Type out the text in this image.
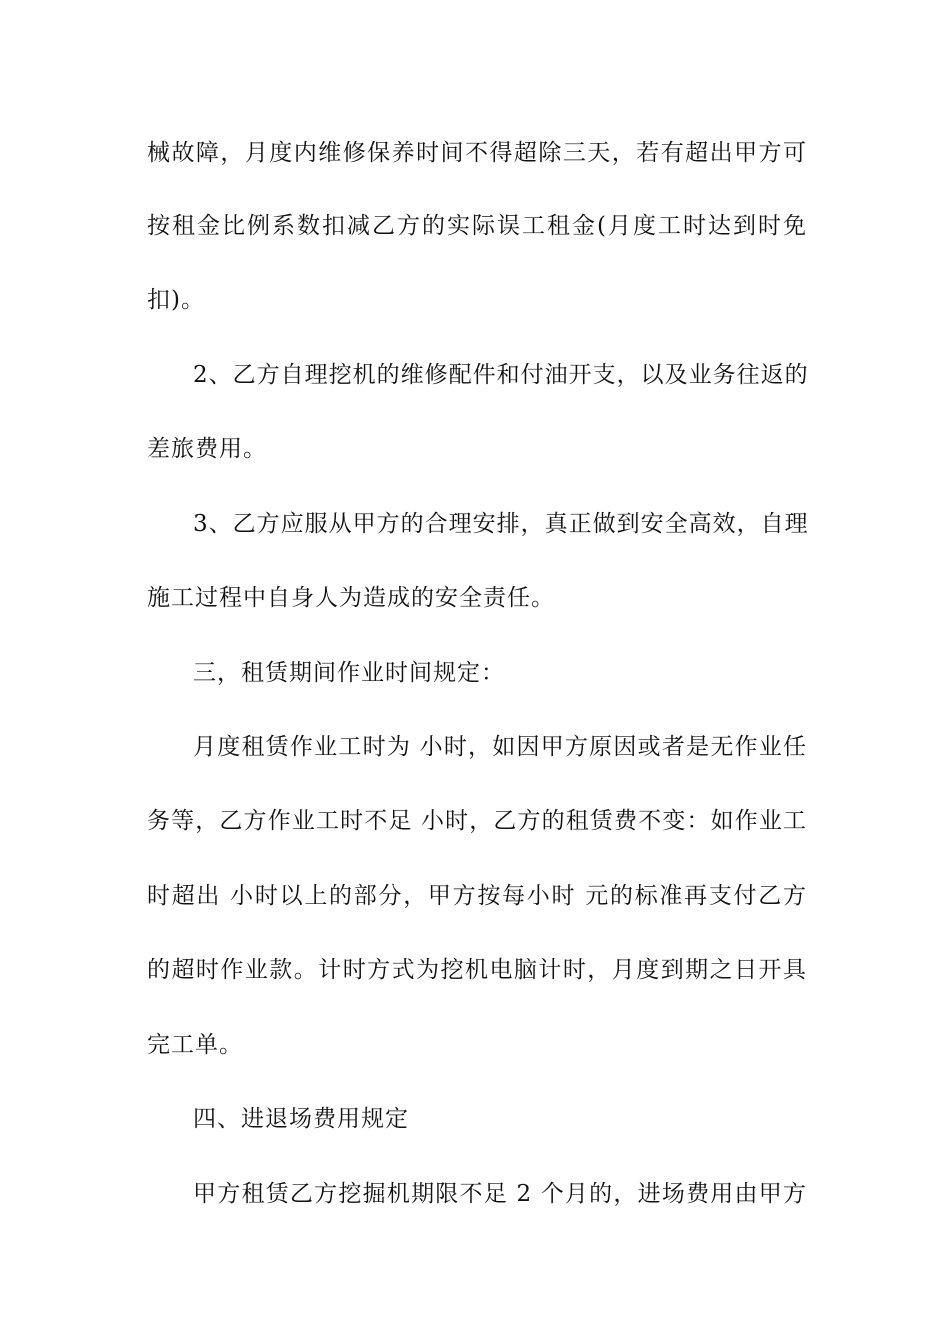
械故障，月度内维修保养时间不得超除三天，若有超出甲方可
按租金比例系数扣减乙方的实际误工租金(月度工时达到时免
扣)。
2、乙方自理挖机的维修配件和付油开支，以及业务往返的
差旅费用。
3、乙方应服从甲方的合理安排，真正做到安全高效，自理
施工过程中自身人为造成的安全责任。
三，租赁期间作业时间规定：
月度租赁作业工时为 小时，如因甲方原因或者是无作业任
务等，乙方作业工时不足 小时，乙方的租赁费不变：如作业工
时超出 小时以上的部分，甲方按每小时 元的标准再支付乙方
的超时作业款。计时方式为挖机电脑计时，月度到期之日开具
完工单。
四、进退场费用规定
甲方租赁乙方挖掘机期限不足 2 个月的，进场费用由甲方
